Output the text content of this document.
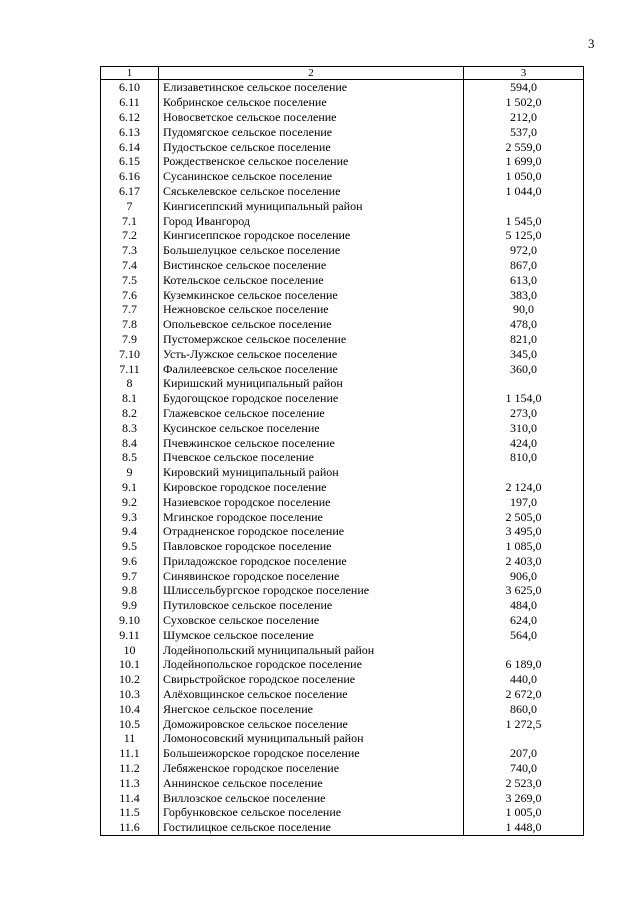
3
1	2	3
6.10	Елизаветинское сельское поселение	594,0
6.11	Кобринское сельское поселение	1 502,0
6.12	Новосветское сельское поселение	212,0
6.13	Пудомягское сельское поселение	537,0
6.14	Пудостьское сельское поселение	2 559,0
6.15	Рождественское сельское поселение	1 699,0
6.16	Сусанинское сельское поселение	1 050,0
6.17	Сяськелевское сельское поселение	1 044,0
7	Кингисеппский муниципальный район	
7.1	Город Ивангород	1 545,0
7.2	Кингисеппское городское поселение	5 125,0
7.3	Большелуцкое сельское поселение	972,0
7.4	Вистинское сельское поселение	867,0
7.5	Котельское сельское поселение	613,0
7.6	Куземкинское сельское поселение	383,0
7.7	Нежновское сельское поселение	90,0
7.8	Опольевское сельское поселение	478,0
7.9	Пустомержское сельское поселение	821,0
7.10	Усть-Лужское сельское поселение	345,0
7.11	Фалилеевское сельское поселение	360,0
8	Киришский муниципальный район	
8.1	Будогощское городское поселение	1 154,0
8.2	Глажевское сельское поселение	273,0
8.3	Кусинское сельское поселение	310,0
8.4	Пчевжинское сельское поселение	424,0
8.5	Пчевское сельское поселение	810,0
9	Кировский муниципальный район	
9.1	Кировское городское поселение	2 124,0
9.2	Назиевское городское поселение	197,0
9.3	Мгинское городское поселение	2 505,0
9.4	Отрадненское городское поселение	3 495,0
9.5	Павловское городское поселение	1 085,0
9.6	Приладожское городское поселение	2 403,0
9.7	Синявинское городское поселение	906,0
9.8	Шлиссельбургское городское поселение	3 625,0
9.9	Путиловское сельское поселение	484,0
9.10	Суховское сельское поселение	624,0
9.11	Шумское сельское поселение	564,0
10	Лодейнопольский муниципальный район	
10.1	Лодейнопольское городское поселение	6 189,0
10.2	Свирьстройское городское поселение	440,0
10.3	Алёховщинское сельское поселение	2 672,0
10.4	Янегское сельское поселение	860,0
10.5	Доможировское сельское поселение	1 272,5
11	Ломоносовский муниципальный район	
11.1	Большеижорское городское поселение	207,0
11.2	Лебяженское городское поселение	740,0
11.3	Аннинское сельское поселение	2 523,0
11.4	Виллозское сельское поселение	3 269,0
11.5	Горбунковское сельское поселение	1 005,0
11.6	Гостилицкое сельское поселение	1 448,0
